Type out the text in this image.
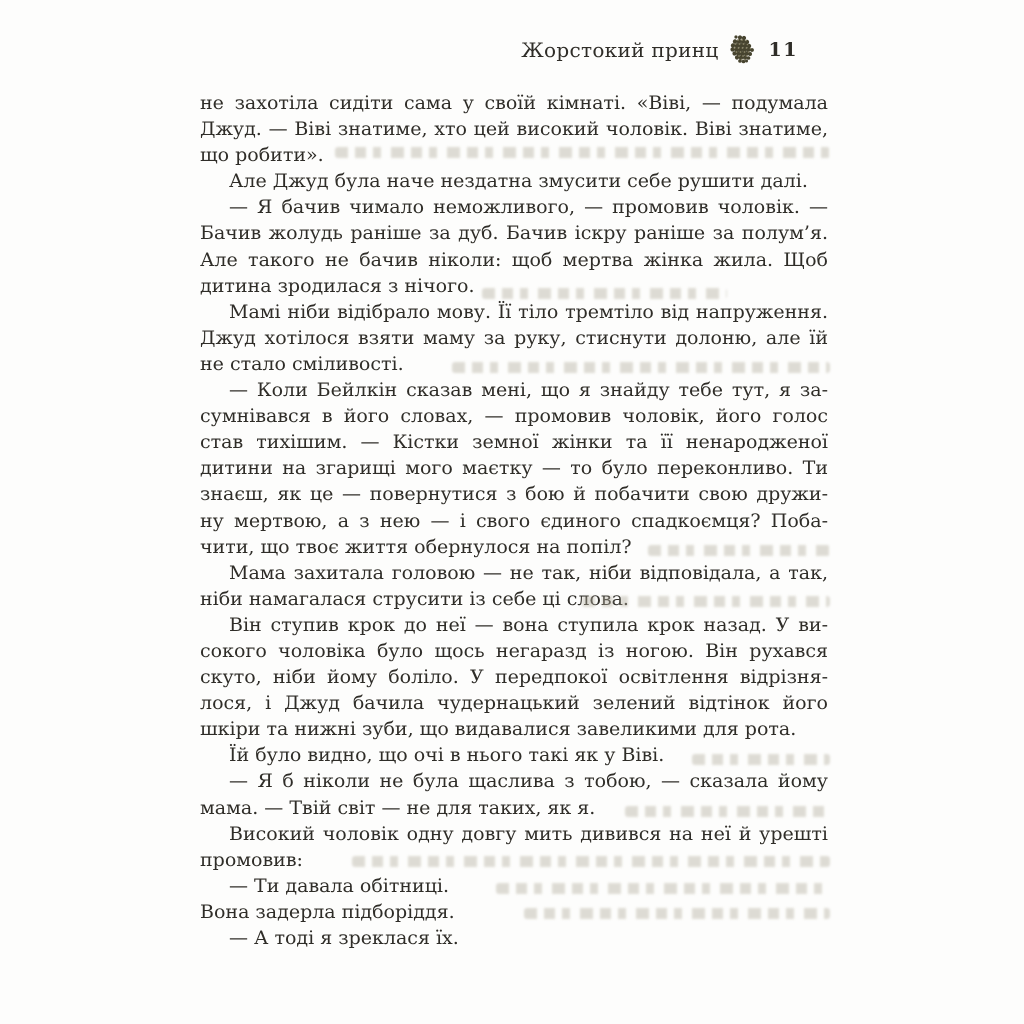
Жорстокий принц	11
не захотіла сидіти сама у своїй кімнаті. «Віві, — подумала
Джуд. — Віві знатиме, хто цей високий чоловік. Віві знатиме,
що робити».
Але Джуд була наче нездатна змусити себе рушити далі.
— Я бачив чимало неможливого, — промовив чоловік. —
Бачив жолудь раніше за дуб. Бачив іскру раніше за полум’я.
Але такого не бачив ніколи: щоб мертва жінка жила. Щоб
дитина зродилася з нічого.
Мамі ніби відібрало мову. Її тіло тремтіло від напруження.
Джуд хотілося взяти маму за руку, стиснути долоню, але їй
не стало сміливості.
— Коли Бейлкін сказав мені, що я знайду тебе тут, я за-
сумнівався в його словах, — промовив чоловік, його голос
став тихішим. — Кістки земної жінки та її ненародженої
дитини на згарищі мого маєтку — то було переконливо. Ти
знаєш, як це — повернутися з бою й побачити свою дружи-
ну мертвою, а з нею — і свого єдиного спадкоємця? Поба-
чити, що твоє життя обернулося на попіл?
Мама захитала головою — не так, ніби відповідала, а так,
ніби намагалася струсити із себе ці слова.
Він ступив крок до неї — вона ступила крок назад. У ви-
сокого чоловіка було щось негаразд із ногою. Він рухався
скуто, ніби йому боліло. У передпокої освітлення відрізня-
лося, і Джуд бачила чудернацький зелений відтінок його
шкіри та нижні зуби, що видавалися завеликими для рота.
Їй було видно, що очі в нього такі як у Віві.
— Я б ніколи не була щаслива з тобою, — сказала йому
мама. — Твій світ — не для таких, як я.
Високий чоловік одну довгу мить дивився на неї й урешті
промовив:
— Ти давала обітниці.
Вона задерла підборіддя.
— А тоді я зреклася їх.
